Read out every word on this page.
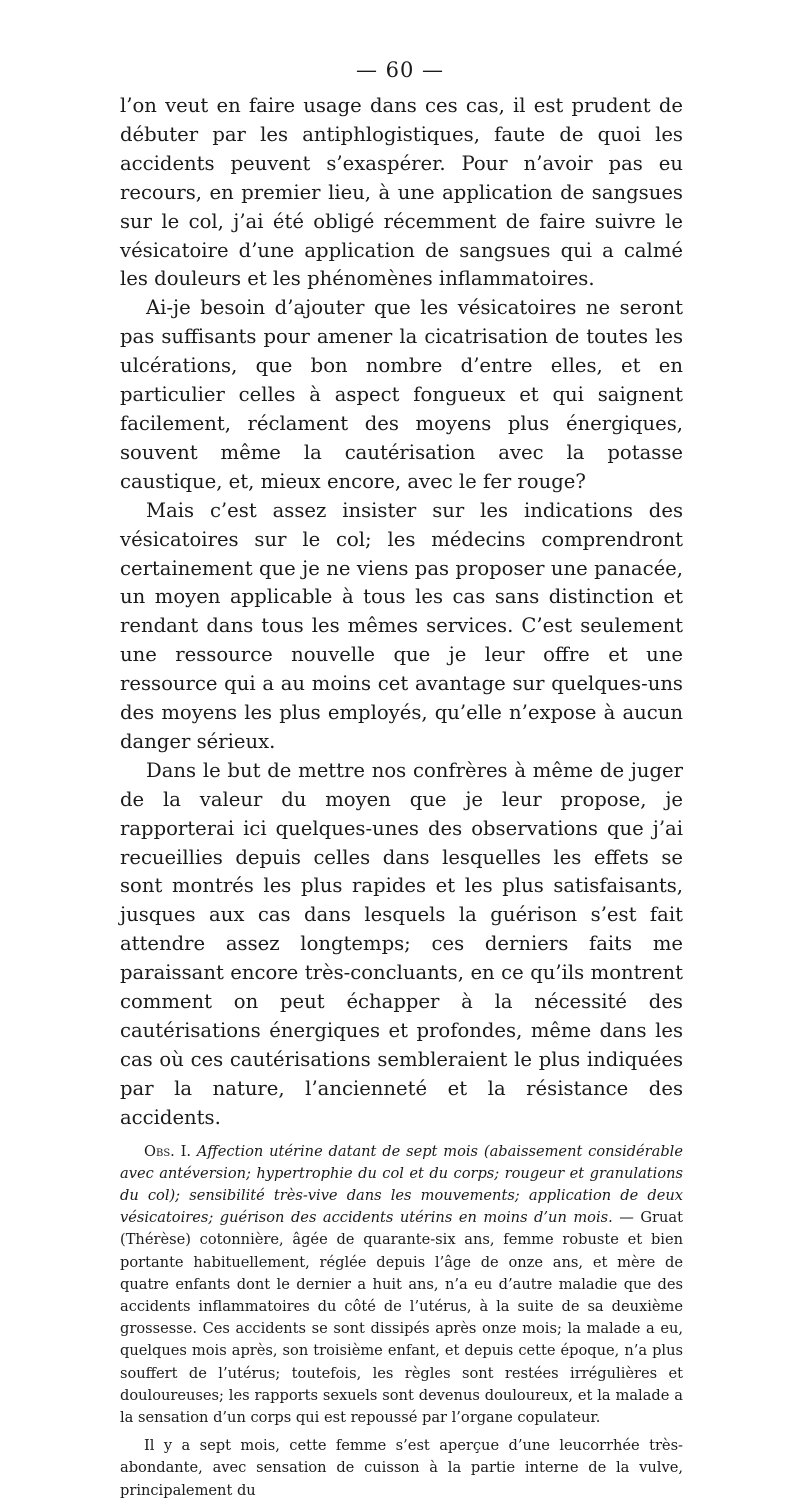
— 60 —

l’on veut en faire usage dans ces cas, il est prudent de débuter par les antiphlogistiques, faute de quoi les accidents peuvent s’exaspérer. Pour n’avoir pas eu recours, en premier lieu, à une application de sangsues sur le col, j’ai été obligé récemment de faire suivre le vésicatoire d’une application de sangsues qui a calmé les douleurs et les phénomènes inflammatoires.

Ai-je besoin d’ajouter que les vésicatoires ne seront pas suffisants pour amener la cicatrisation de toutes les ulcérations, que bon nombre d’entre elles, et en particulier celles à aspect fongueux et qui saignent facilement, réclament des moyens plus énergiques, souvent même la cautérisation avec la potasse caustique, et, mieux encore, avec le fer rouge?

Mais c’est assez insister sur les indications des vésicatoires sur le col; les médecins comprendront certainement que je ne viens pas proposer une panacée, un moyen applicable à tous les cas sans distinction et rendant dans tous les mêmes services. C’est seulement une ressource nouvelle que je leur offre et une ressource qui a au moins cet avantage sur quelques-uns des moyens les plus employés, qu’elle n’expose à aucun danger sérieux.

Dans le but de mettre nos confrères à même de juger de la valeur du moyen que je leur propose, je rapporterai ici quelques-unes des observations que j’ai recueillies depuis celles dans lesquelles les effets se sont montrés les plus rapides et les plus satisfaisants, jusques aux cas dans lesquels la guérison s’est fait attendre assez longtemps; ces derniers faits me paraissant encore très-concluants, en ce qu’ils montrent comment on peut échapper à la nécessité des cautérisations énergiques et profondes, même dans les cas où ces cautérisations sembleraient le plus indiquées par la nature, l’ancienneté et la résistance des accidents.

Obs. I. Affection utérine datant de sept mois (abaissement considérable avec antéversion; hypertrophie du col et du corps; rougeur et granulations du col); sensibilité très-vive dans les mouvements; application de deux vésicatoires; guérison des accidents utérins en moins d’un mois. — Gruat (Thérèse) cotonnière, âgée de quarante-six ans, femme robuste et bien portante habituellement, réglée depuis l’âge de onze ans, et mère de quatre enfants dont le dernier a huit ans, n’a eu d’autre maladie que des accidents inflammatoires du côté de l’utérus, à la suite de sa deuxième grossesse. Ces accidents se sont dissipés après onze mois; la malade a eu, quelques mois après, son troisième enfant, et depuis cette époque, n’a plus souffert de l’utérus; toutefois, les règles sont restées irrégulières et douloureuses; les rapports sexuels sont devenus douloureux, et la malade a la sensation d’un corps qui est repoussé par l’organe copulateur.

Il y a sept mois, cette femme s’est aperçue d’une leucorrhée très-abondante, avec sensation de cuisson à la partie interne de la vulve, principalement du
